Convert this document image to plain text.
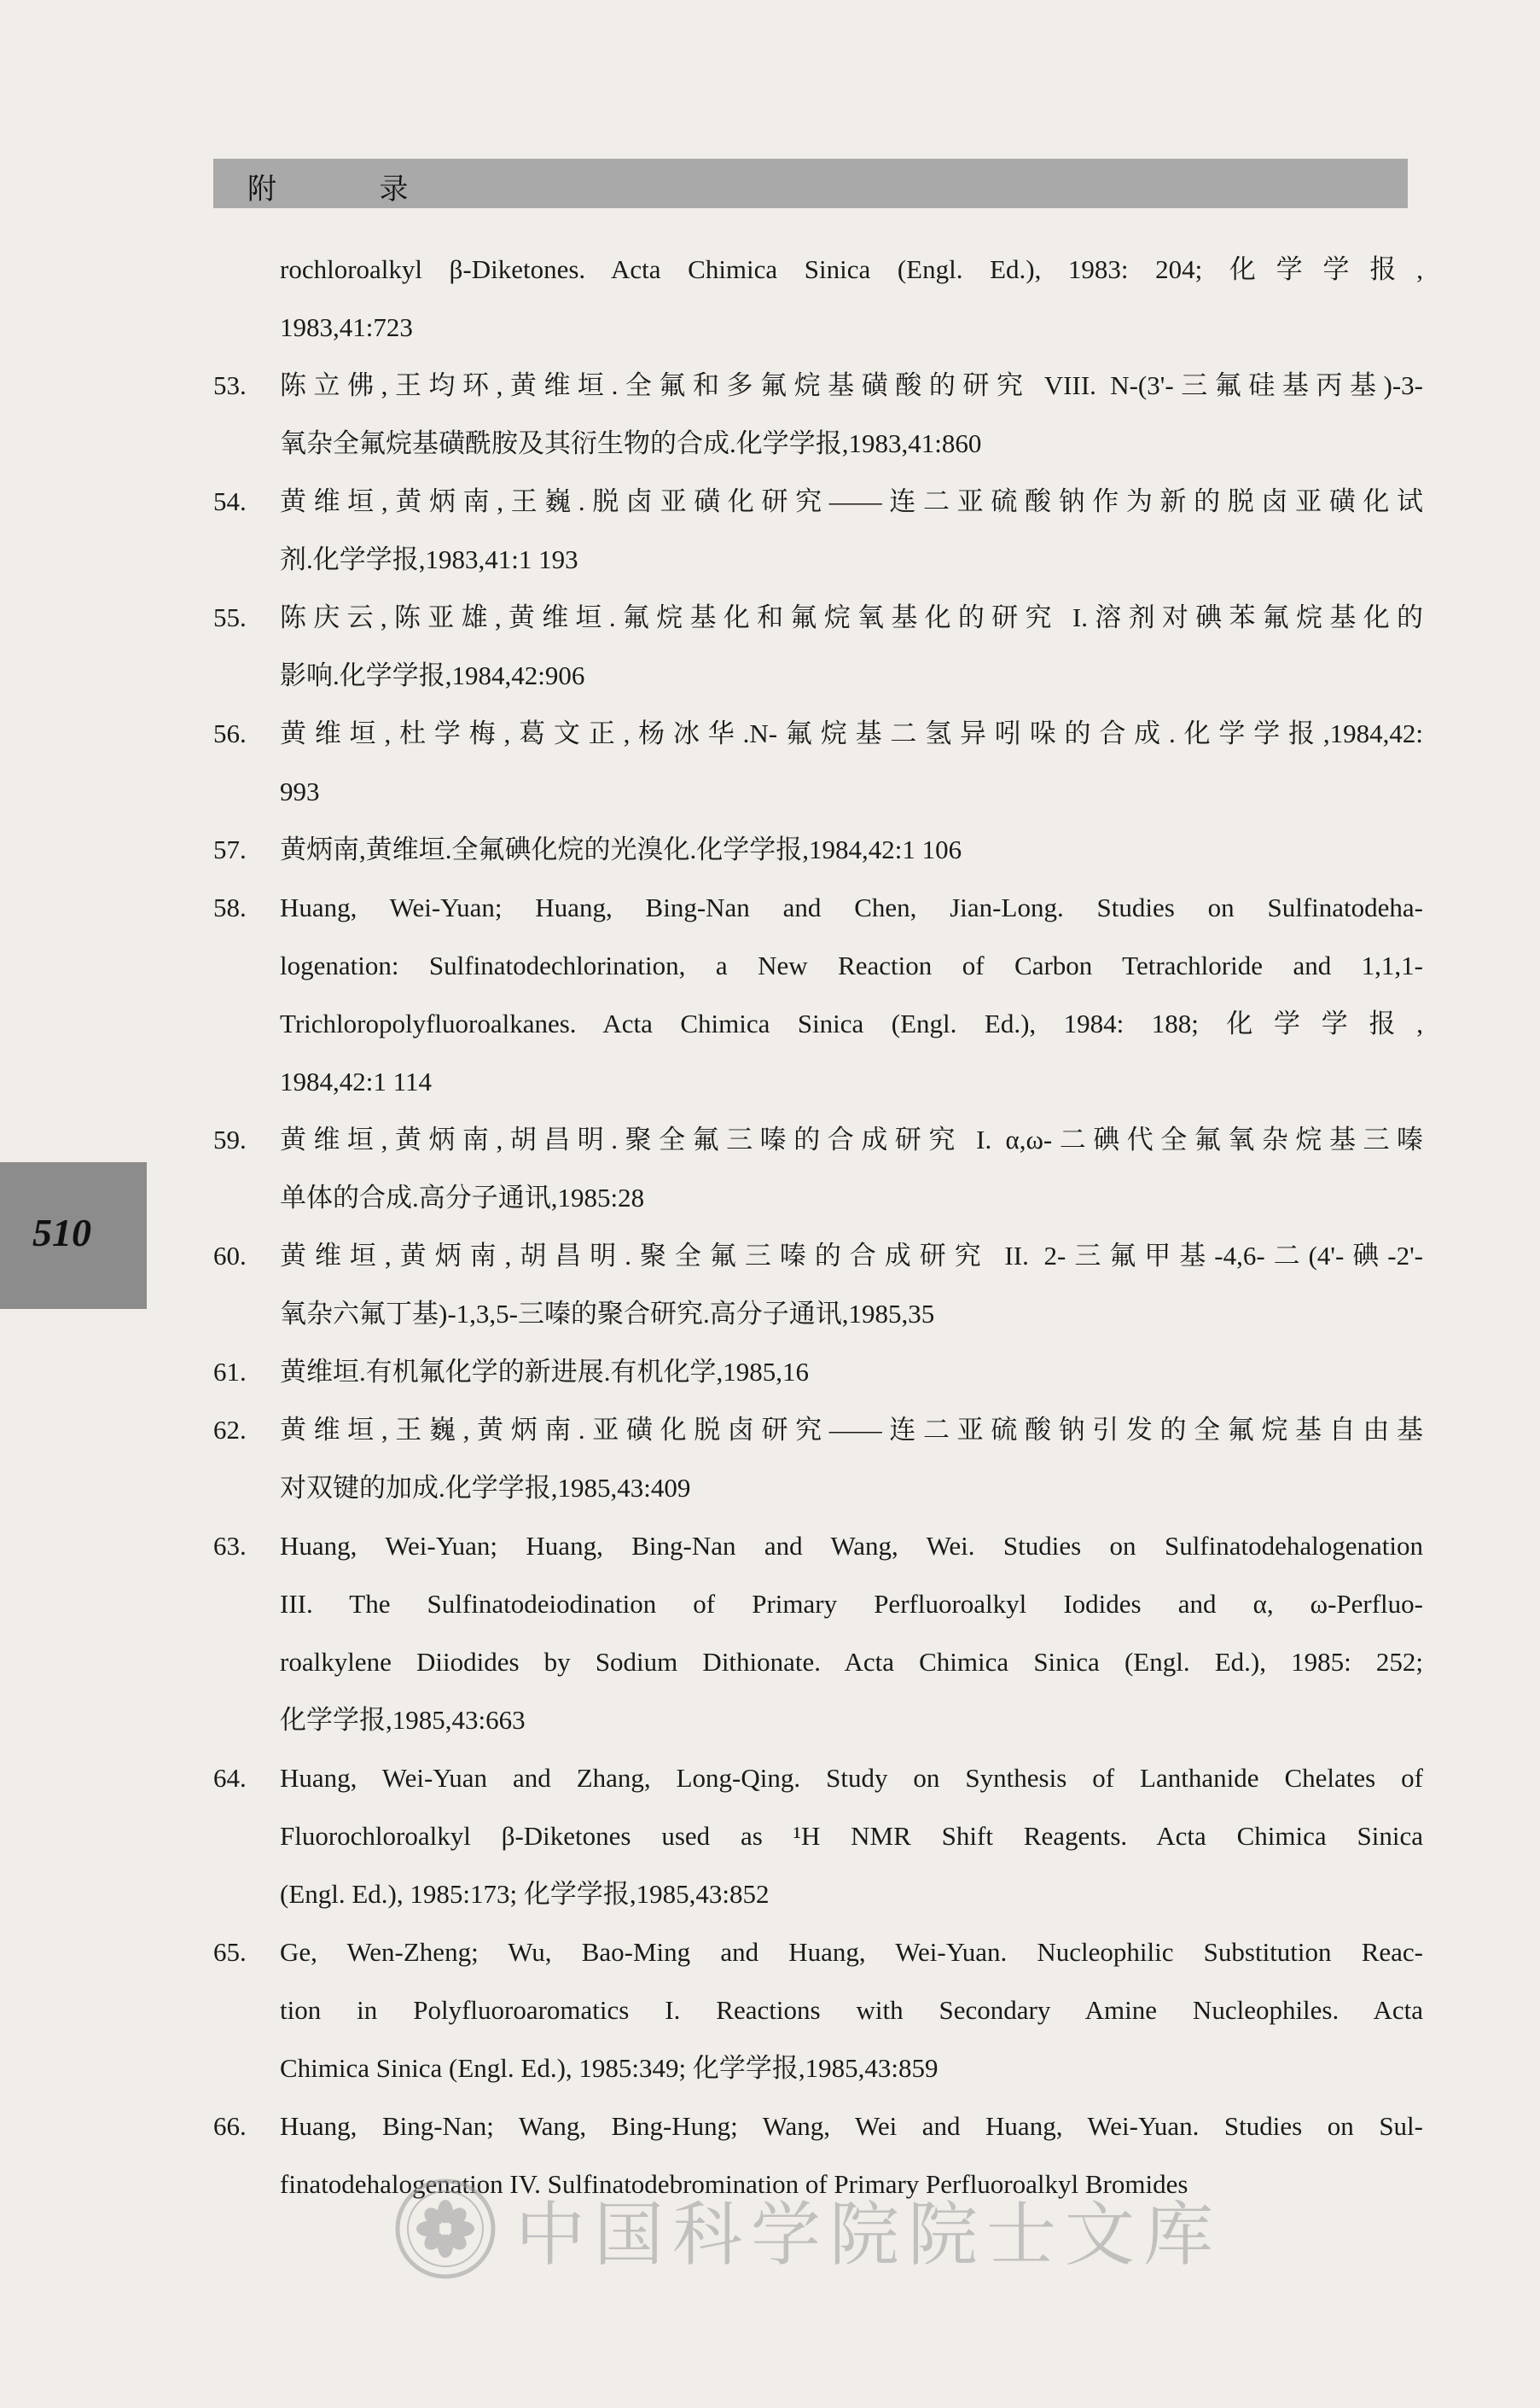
附 录
510
rochloroalkyl β-Diketones. Acta Chimica Sinica (Engl. Ed.), 1983: 204; 化学学报,
1983,41:723
53. 陈立佛,王均环,黄维垣.全氟和多氟烷基磺酸的研究 VIII. N-(3'-三氟硅基丙基)-3-
氧杂全氟烷基磺酰胺及其衍生物的合成.化学学报,1983,41:860
54. 黄维垣,黄炳南,王巍.脱卤亚磺化研究——连二亚硫酸钠作为新的脱卤亚磺化试
剂.化学学报,1983,41:1 193
55. 陈庆云,陈亚雄,黄维垣.氟烷基化和氟烷氧基化的研究 I.溶剂对碘苯氟烷基化的
影响.化学学报,1984,42:906
56. 黄维垣,杜学梅,葛文正,杨冰华.N-氟烷基二氢异吲哚的合成.化学学报,1984,42:
993
57. 黄炳南,黄维垣.全氟碘化烷的光溴化.化学学报,1984,42:1 106
58. Huang, Wei-Yuan; Huang, Bing-Nan and Chen, Jian-Long. Studies on Sulfinatodeha-
logenation: Sulfinatodechlorination, a New Reaction of Carbon Tetrachloride and 1,1,1-
Trichloropolyfluoroalkanes. Acta Chimica Sinica (Engl. Ed.), 1984: 188; 化学学报,
1984,42:1 114
59. 黄维垣,黄炳南,胡昌明.聚全氟三嗪的合成研究 I. α,ω-二碘代全氟氧杂烷基三嗪
单体的合成.高分子通讯,1985:28
60. 黄维垣,黄炳南,胡昌明.聚全氟三嗪的合成研究 II. 2-三氟甲基-4,6-二(4'-碘-2'-
氧杂六氟丁基)-1,3,5-三嗪的聚合研究.高分子通讯,1985,35
61. 黄维垣.有机氟化学的新进展.有机化学,1985,16
62. 黄维垣,王巍,黄炳南.亚磺化脱卤研究——连二亚硫酸钠引发的全氟烷基自由基
对双键的加成.化学学报,1985,43:409
63. Huang, Wei-Yuan; Huang, Bing-Nan and Wang, Wei. Studies on Sulfinatodehalogenation
III. The Sulfinatodeiodination of Primary Perfluoroalkyl Iodides and α, ω-Perfluo-
roalkylene Diiodides by Sodium Dithionate. Acta Chimica Sinica (Engl. Ed.), 1985: 252;
化学学报,1985,43:663
64. Huang, Wei-Yuan and Zhang, Long-Qing. Study on Synthesis of Lanthanide Chelates of
Fluorochloroalkyl β-Diketones used as ¹H NMR Shift Reagents. Acta Chimica Sinica
(Engl. Ed.), 1985:173; 化学学报,1985,43:852
65. Ge, Wen-Zheng; Wu, Bao-Ming and Huang, Wei-Yuan. Nucleophilic Substitution Reac-
tion in Polyfluoroaromatics I. Reactions with Secondary Amine Nucleophiles. Acta
Chimica Sinica (Engl. Ed.), 1985:349; 化学学报,1985,43:859
66. Huang, Bing-Nan; Wang, Bing-Hung; Wang, Wei and Huang, Wei-Yuan. Studies on Sul-
finatodehalogenation IV. Sulfinatodebromination of Primary Perfluoroalkyl Bromides
中国科学院院士文库
